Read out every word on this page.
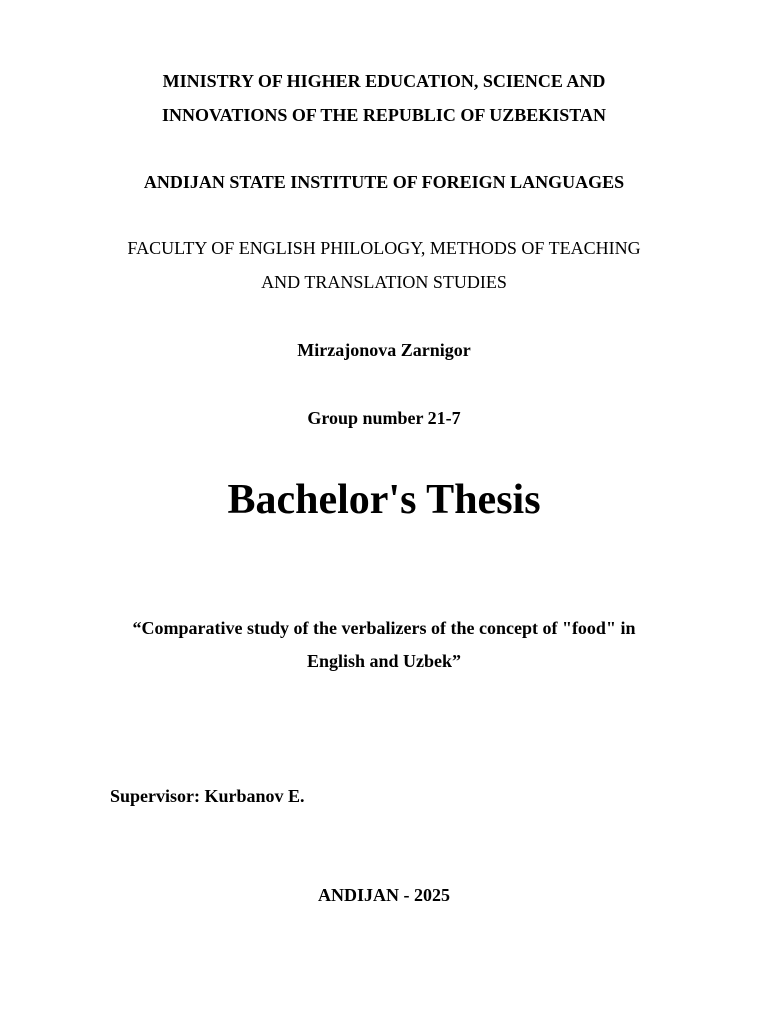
MINISTRY OF HIGHER EDUCATION, SCIENCE AND
INNOVATIONS OF THE REPUBLIC OF UZBEKISTAN
ANDIJAN STATE INSTITUTE OF FOREIGN LANGUAGES
FACULTY OF ENGLISH PHILOLOGY, METHODS OF TEACHING
AND TRANSLATION STUDIES
Mirzajonova Zarnigor
Group number 21-7
Bachelor's Thesis
“Comparative study of the verbalizers of the concept of "food" in
English and Uzbek”
Supervisor: Kurbanov E.
ANDIJAN - 2025
